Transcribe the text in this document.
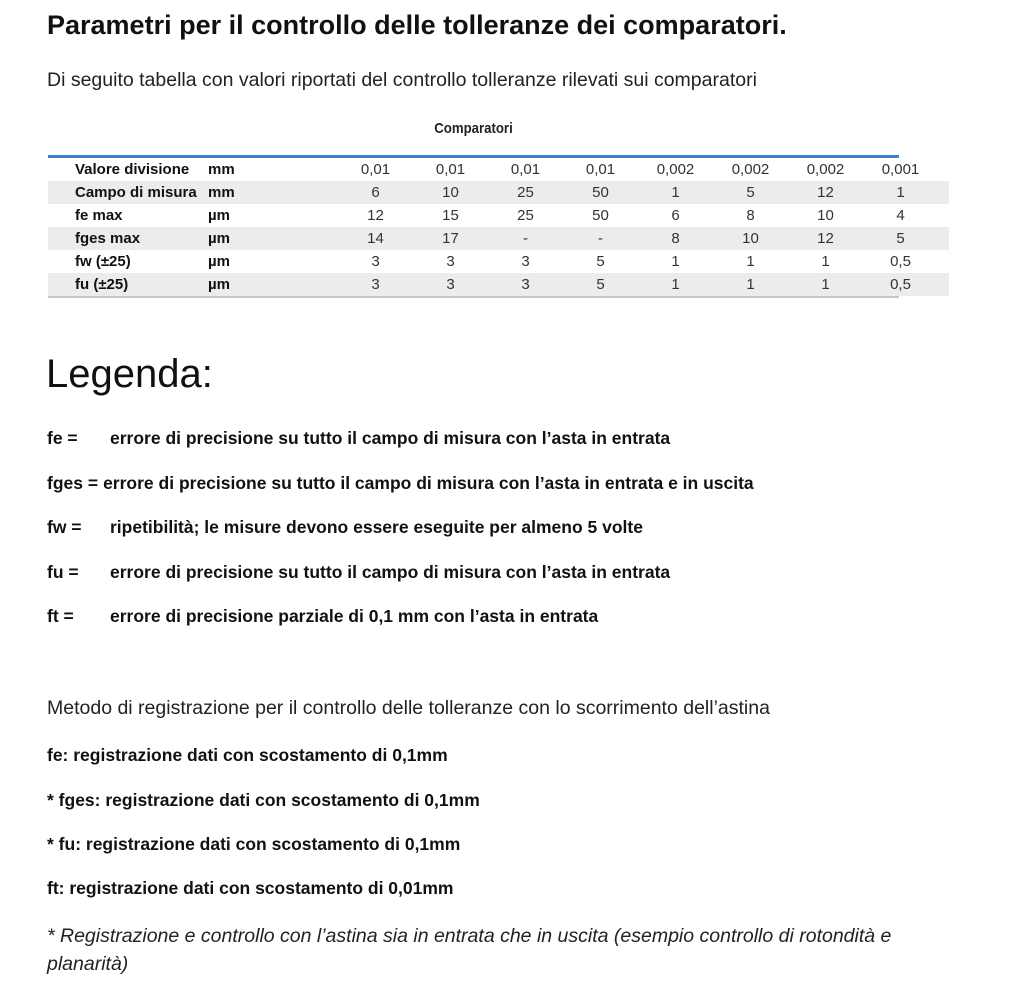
Parametri per il controllo delle tolleranze dei comparatori.
Di seguito tabella con valori riportati del controllo tolleranze rilevati sui comparatori
Comparatori
Valore divisione	mm		0,01	0,01	0,01	0,01	0,002	0,002	0,002	0,001	
Campo di misura	mm		6	10	25	50	1	5	12	1	
fe max	µm		12	15	25	50	6	8	10	4	
fges max	µm		14	17	-	-	8	10	12	5	
fw (±25)	µm		3	3	3	5	1	1	1	0,5	
fu (±25)	µm		3	3	3	5	1	1	1	0,5	
Legenda:
fe = errore di precisione su tutto il campo di misura con l’asta in entrata
fges = errore di precisione su tutto il campo di misura con l’asta in entrata e in uscita
fw = ripetibilità; le misure devono essere eseguite per almeno 5 volte
fu = errore di precisione su tutto il campo di misura con l’asta in entrata
ft = errore di precisione parziale di 0,1 mm con l’asta in entrata
Metodo di registrazione per il controllo delle tolleranze con lo scorrimento dell’astina
fe: registrazione dati con scostamento di 0,1mm
* fges: registrazione dati con scostamento di 0,1mm
* fu: registrazione dati con scostamento di 0,1mm
ft: registrazione dati con scostamento di 0,01mm
* Registrazione e controllo con l’astina sia in entrata che in uscita (esempio controllo di rotondità e planarità)
